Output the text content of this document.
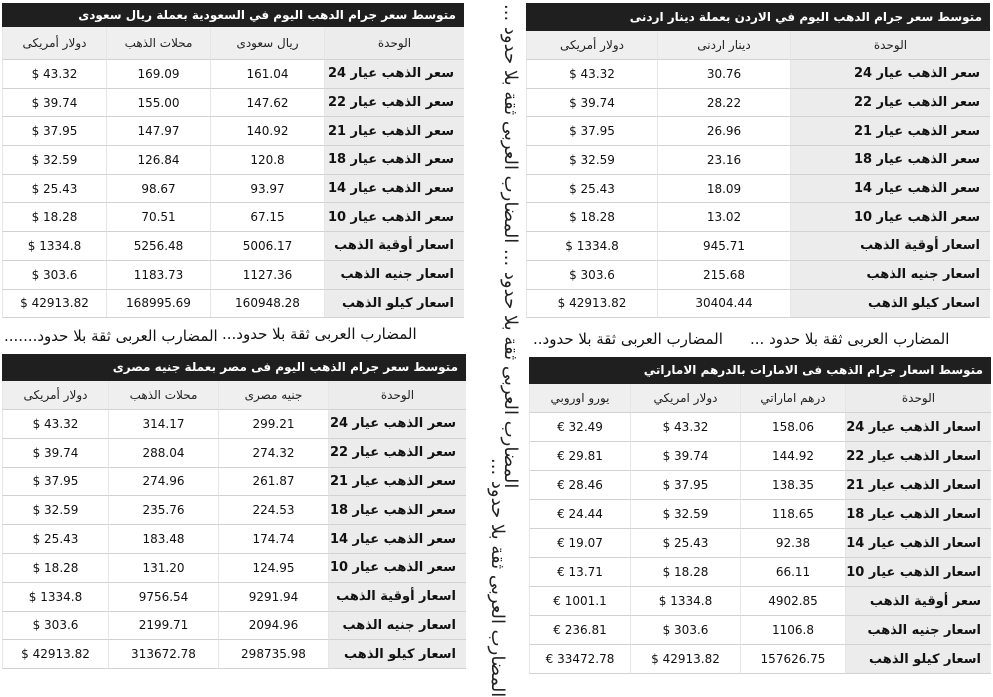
متوسط سعر جرام الدهب اليوم في السعودية بعملة ريال سعودى
دولار أمريكى	محلات الذهب	ريال سعودى	الوحدة
$ 43.32	169.09	161.04	سعر الذهب عيار 24
$ 39.74	155.00	147.62	سعر الذهب عيار 22
$ 37.95	147.97	140.92	سعر الذهب عيار 21
$ 32.59	126.84	120.8	سعر الذهب عيار 18
$ 25.43	98.67	93.97	سعر الذهب عيار 14
$ 18.28	70.51	67.15	سعر الذهب عيار 10
$ 1334.8	5256.48	5006.17	اسعار أوقية الذهب
$ 303.6	1183.73	1127.36	اسعار جنيه الذهب
$ 42913.82	168995.69	160948.28	اسعار كيلو الذهب
متوسط سعر جرام الدهب اليوم في الاردن بعملة دينار اردنى
دولار أمريكى	دينار اردنى	الوحدة
$ 43.32	30.76	سعر الذهب عيار 24
$ 39.74	28.22	سعر الذهب عيار 22
$ 37.95	26.96	سعر الذهب عيار 21
$ 32.59	23.16	سعر الذهب عيار 18
$ 25.43	18.09	سعر الذهب عيار 14
$ 18.28	13.02	سعر الذهب عيار 10
$ 1334.8	945.71	اسعار أوقية الذهب
$ 303.6	215.68	اسعار جنيه الذهب
$ 42913.82	30404.44	اسعار كيلو الذهب
متوسط سعر جرام الذهب اليوم فى مصر بعملة جنيه مصرى
دولار أمريكى	محلات الذهب	جنيه مصرى	الوحدة
$ 43.32	314.17	299.21	سعر الذهب عيار 24
$ 39.74	288.04	274.32	سعر الذهب عيار 22
$ 37.95	274.96	261.87	سعر الذهب عيار 21
$ 32.59	235.76	224.53	سعر الذهب عيار 18
$ 25.43	183.48	174.74	سعر الذهب عيار 14
$ 18.28	131.20	124.95	سعر الذهب عيار 10
$ 1334.8	9756.54	9291.94	اسعار أوقية الذهب
$ 303.6	2199.71	2094.96	اسعار جنيه الذهب
$ 42913.82	313672.78	298735.98	اسعار كيلو الذهب
متوسط اسعار جرام الذهب فى الامارات بالدرهم الاماراتي
يورو اوروبي	دولار امريكي	درهم اماراتي	الوحدة
€ 32.49	$ 43.32	158.06	اسعار الذهب عيار 24
€ 29.81	$ 39.74	144.92	اسعار الذهب عيار 22
€ 28.46	$ 37.95	138.35	اسعار الذهب عيار 21
€ 24.44	$ 32.59	118.65	اسعار الذهب عيار 18
€ 19.07	$ 25.43	92.38	اسعار الذهب عيار 14
€ 13.71	$ 18.28	66.11	اسعار الذهب عيار 10
€ 1001.1	$ 1334.8	4902.85	سعر أوقية الذهب
€ 236.81	$ 303.6	1106.8	اسعار جنيه الذهب
€ 33472.78	$ 42913.82	157626.75	اسعار كيلو الذهب
المضارب العربى ثقة بلا حدود...
المضارب العربى ثقة بلا حدود.......	المضارب العربى ثقة بلا حدود ...
المضارب العربى ثقة بلا حدود..
المضارب العربى ثقة بلا حدود ... المضارب العربى ثقة بلا حدود ...
المضارب العربى ثقة بلا حدود ...
